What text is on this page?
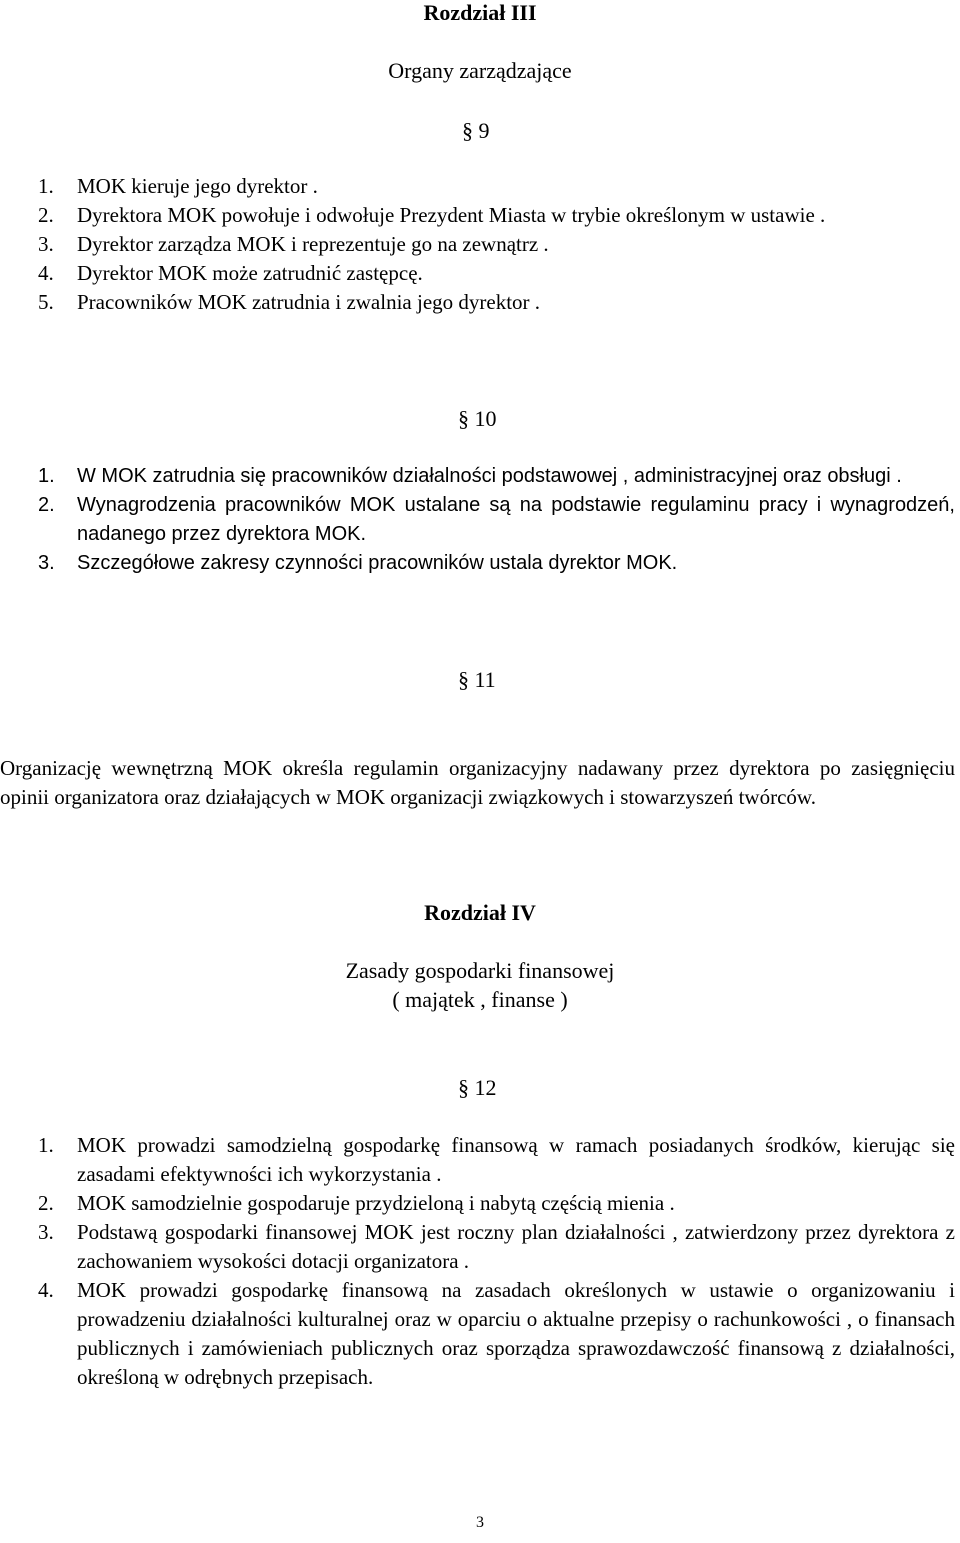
Rozdział III
Organy zarządzające
§ 9
1. MOK kieruje jego dyrektor .
2. Dyrektora MOK powołuje i odwołuje Prezydent Miasta w trybie określonym w ustawie .
3. Dyrektor zarządza MOK i reprezentuje go na zewnątrz .
4. Dyrektor MOK może zatrudnić zastępcę.
5. Pracowników MOK zatrudnia i zwalnia jego dyrektor .
§ 10
1. W MOK zatrudnia się pracowników działalności podstawowej , administracyjnej oraz obsługi .
2. Wynagrodzenia pracowników MOK ustalane są na podstawie regulaminu pracy i wynagrodzeń, nadanego przez dyrektora MOK.
3. Szczegółowe zakresy czynności pracowników ustala dyrektor MOK.
§ 11
Organizację wewnętrzną MOK określa regulamin organizacyjny nadawany przez dyrektora po zasięgnięciu opinii organizatora oraz działających w MOK organizacji związkowych i stowarzyszeń twórców.
Rozdział IV
Zasady gospodarki finansowej
( majątek , finanse )
§ 12
1. MOK prowadzi samodzielną gospodarkę finansową w ramach posiadanych środków, kierując się zasadami efektywności ich wykorzystania .
2. MOK samodzielnie gospodaruje przydzieloną i nabytą częścią mienia .
3. Podstawą gospodarki finansowej MOK jest roczny plan działalności , zatwierdzony przez dyrektora z zachowaniem wysokości dotacji organizatora .
4. MOK prowadzi gospodarkę finansową na zasadach określonych w ustawie o organizowaniu i prowadzeniu działalności kulturalnej oraz w oparciu o aktualne przepisy o rachunkowości , o finansach publicznych i zamówieniach publicznych oraz sporządza sprawozdawczość finansową z działalności, określoną w odrębnych przepisach.
3
